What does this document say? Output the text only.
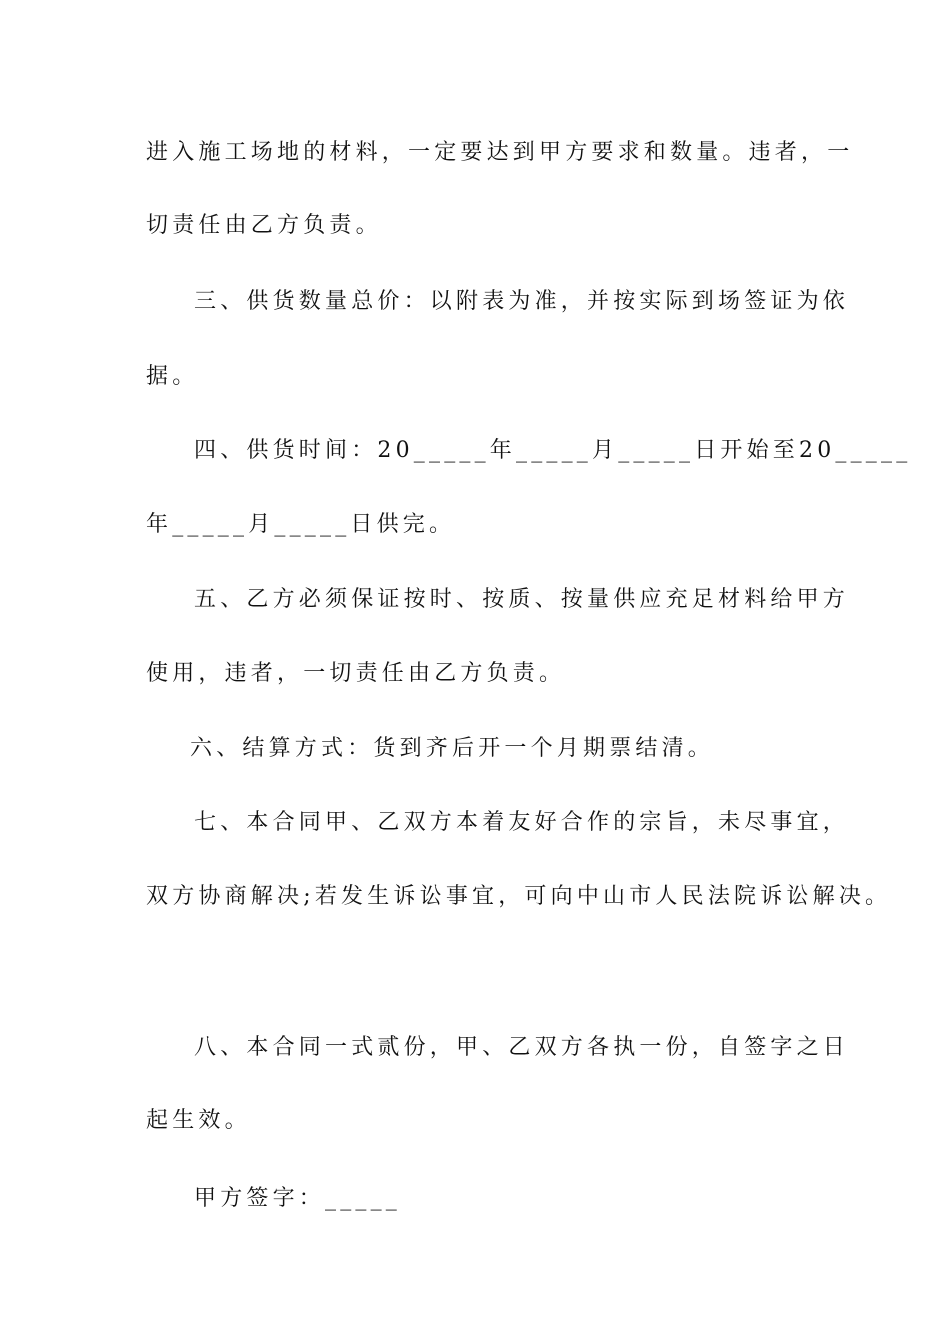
进入施工场地的材料，一定要达到甲方要求和数量。违者，一
切责任由乙方负责。
三、供货数量总价：以附表为准，并按实际到场签证为依
据。
四、供货时间：20_____年_____月_____日开始至20_____
年_____月_____日供完。
五、乙方必须保证按时、按质、按量供应充足材料给甲方
使用，违者，一切责任由乙方负责。
六、结算方式：货到齐后开一个月期票结清。
七、本合同甲、乙双方本着友好合作的宗旨，未尽事宜，
双方协商解决;若发生诉讼事宜，可向中山市人民法院诉讼解决。
八、本合同一式贰份，甲、乙双方各执一份，自签字之日
起生效。
甲方签字：_____
